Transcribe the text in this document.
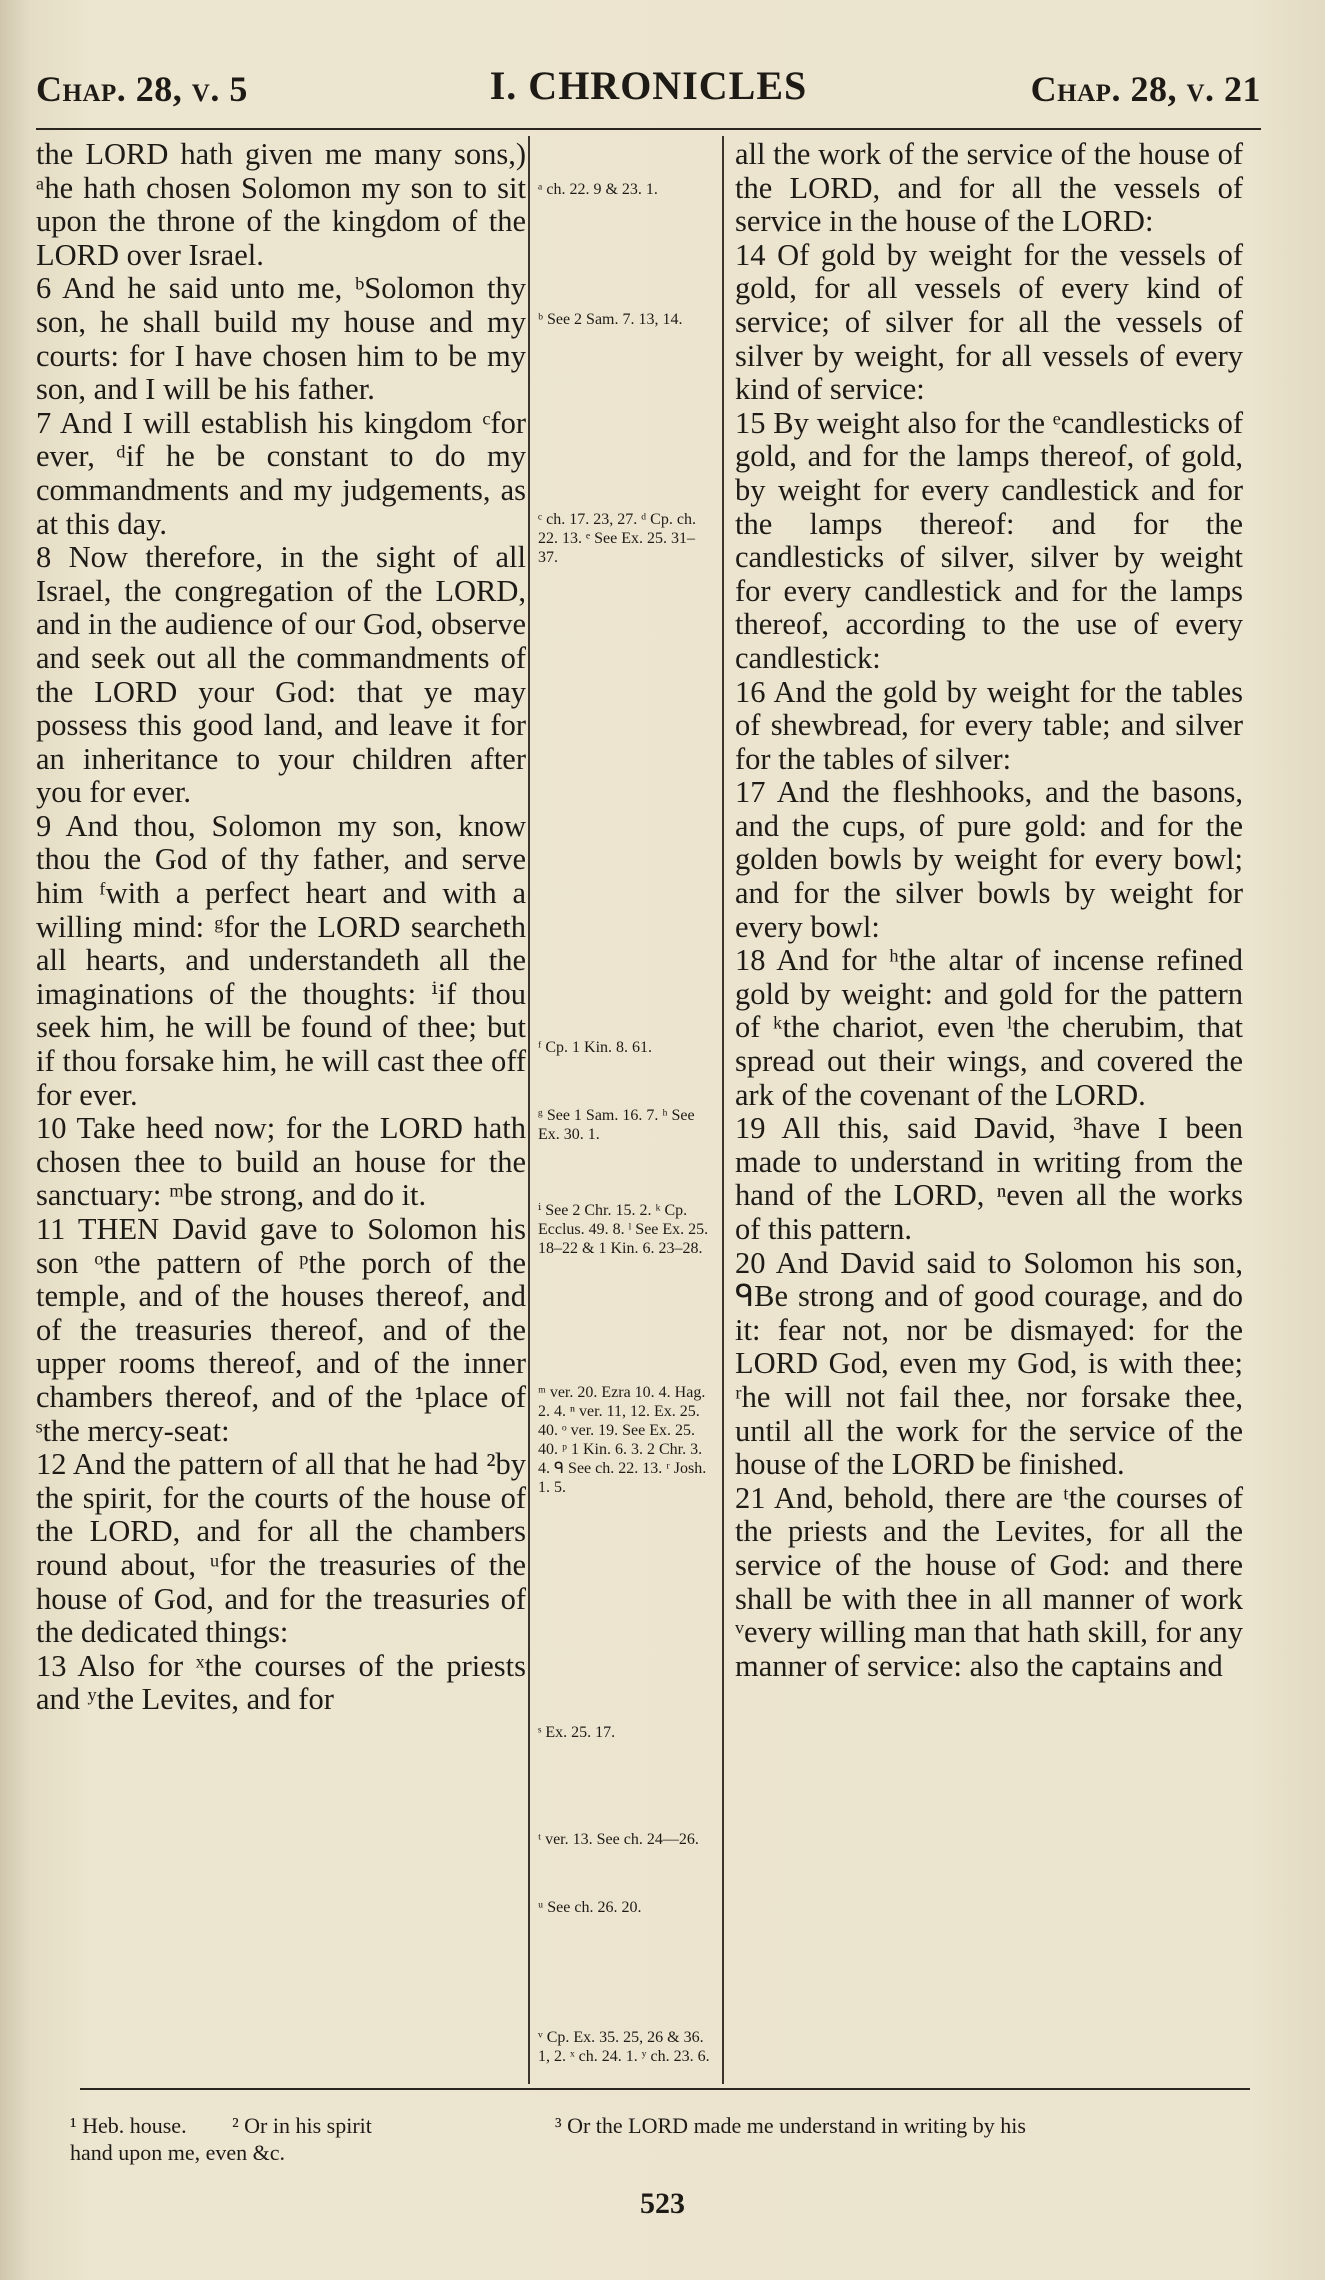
Chap. 28, v. 5	I. CHRONICLES	Chap. 28, v. 21

the LORD hath given me many sons,) ᵃhe hath chosen Solomon my son to sit upon the throne of the kingdom of the LORD over Israel.

6 And he said unto me, ᵇSolomon thy son, he shall build my house and my courts: for I have chosen him to be my son, and I will be his father.

7 And I will establish his kingdom ᶜfor ever, ᵈif he be constant to do my commandments and my judgements, as at this day.

8 Now therefore, in the sight of all Israel, the congregation of the LORD, and in the audience of our God, observe and seek out all the commandments of the LORD your God: that ye may possess this good land, and leave it for an inheritance to your children after you for ever.

9 And thou, Solomon my son, know thou the God of thy father, and serve him ᶠwith a perfect heart and with a willing mind: ᵍfor the LORD searcheth all hearts, and understandeth all the imaginations of the thoughts: ⁱif thou seek him, he will be found of thee; but if thou forsake him, he will cast thee off for ever.

10 Take heed now; for the LORD hath chosen thee to build an house for the sanctuary: ᵐbe strong, and do it.

11 THEN David gave to Solomon his son ᵒthe pattern of ᵖthe porch of the temple, and of the houses thereof, and of the treasuries thereof, and of the upper rooms thereof, and of the inner chambers thereof, and of the ¹place of ˢthe mercy-seat:

12 And the pattern of all that he had ²by the spirit, for the courts of the house of the LORD, and for all the chambers round about, ᵘfor the treasuries of the house of God, and for the treasuries of the dedicated things:

13 Also for ˣthe courses of the priests and ʸthe Levites, and for

ᵃ ch. 22. 9 & 23. 1.
ᵇ See 2 Sam. 7. 13, 14.
ᶜ ch. 17. 23, 27. ᵈ Cp. ch. 22. 13. ᵉ See Ex. 25. 31–37.
ᶠ Cp. 1 Kin. 8. 61.
ᵍ See 1 Sam. 16. 7. ʰ See Ex. 30. 1.
ⁱ See 2 Chr. 15. 2. ᵏ Cp. Ecclus. 49. 8. ˡ See Ex. 25. 18–22 & 1 Kin. 6. 23–28.
ᵐ ver. 20. Ezra 10. 4. Hag. 2. 4. ⁿ ver. 11, 12. Ex. 25. 40. ᵒ ver. 19. See Ex. 25. 40. ᵖ 1 Kin. 6. 3. 2 Chr. 3. 4. ᑫ See ch. 22. 13. ʳ Josh. 1. 5.
ˢ Ex. 25. 17.
ᵗ ver. 13. See ch. 24—26.
ᵘ See ch. 26. 20.
ᵛ Cp. Ex. 35. 25, 26 & 36. 1, 2. ˣ ch. 24. 1. ʸ ch. 23. 6.

all the work of the service of the house of the LORD, and for all the vessels of service in the house of the LORD:

14 Of gold by weight for the vessels of gold, for all vessels of every kind of service; of silver for all the vessels of silver by weight, for all vessels of every kind of service:

15 By weight also for the ᵉcandlesticks of gold, and for the lamps thereof, of gold, by weight for every candlestick and for the lamps thereof: and for the candlesticks of silver, silver by weight for every candlestick and for the lamps thereof, according to the use of every candlestick:

16 And the gold by weight for the tables of shewbread, for every table; and silver for the tables of silver:

17 And the fleshhooks, and the basons, and the cups, of pure gold: and for the golden bowls by weight for every bowl; and for the silver bowls by weight for every bowl:

18 And for ʰthe altar of incense refined gold by weight: and gold for the pattern of ᵏthe chariot, even ˡthe cherubim, that spread out their wings, and covered the ark of the covenant of the LORD.

19 All this, said David, ³have I been made to understand in writing from the hand of the LORD, ⁿeven all the works of this pattern.

20 And David said to Solomon his son, ᑫBe strong and of good courage, and do it: fear not, nor be dismayed: for the LORD God, even my God, is with thee; ʳhe will not fail thee, nor forsake thee, until all the work for the service of the house of the LORD be finished.

21 And, behold, there are ᵗthe courses of the priests and the Levites, for all the service of the house of God: and there shall be with thee in all manner of work ᵛevery willing man that hath skill, for any manner of service: also the captains and

¹ Heb. house. ² Or in his spirit	³ Or the LORD made me understand in writing by his
hand upon me, even &c.
523
